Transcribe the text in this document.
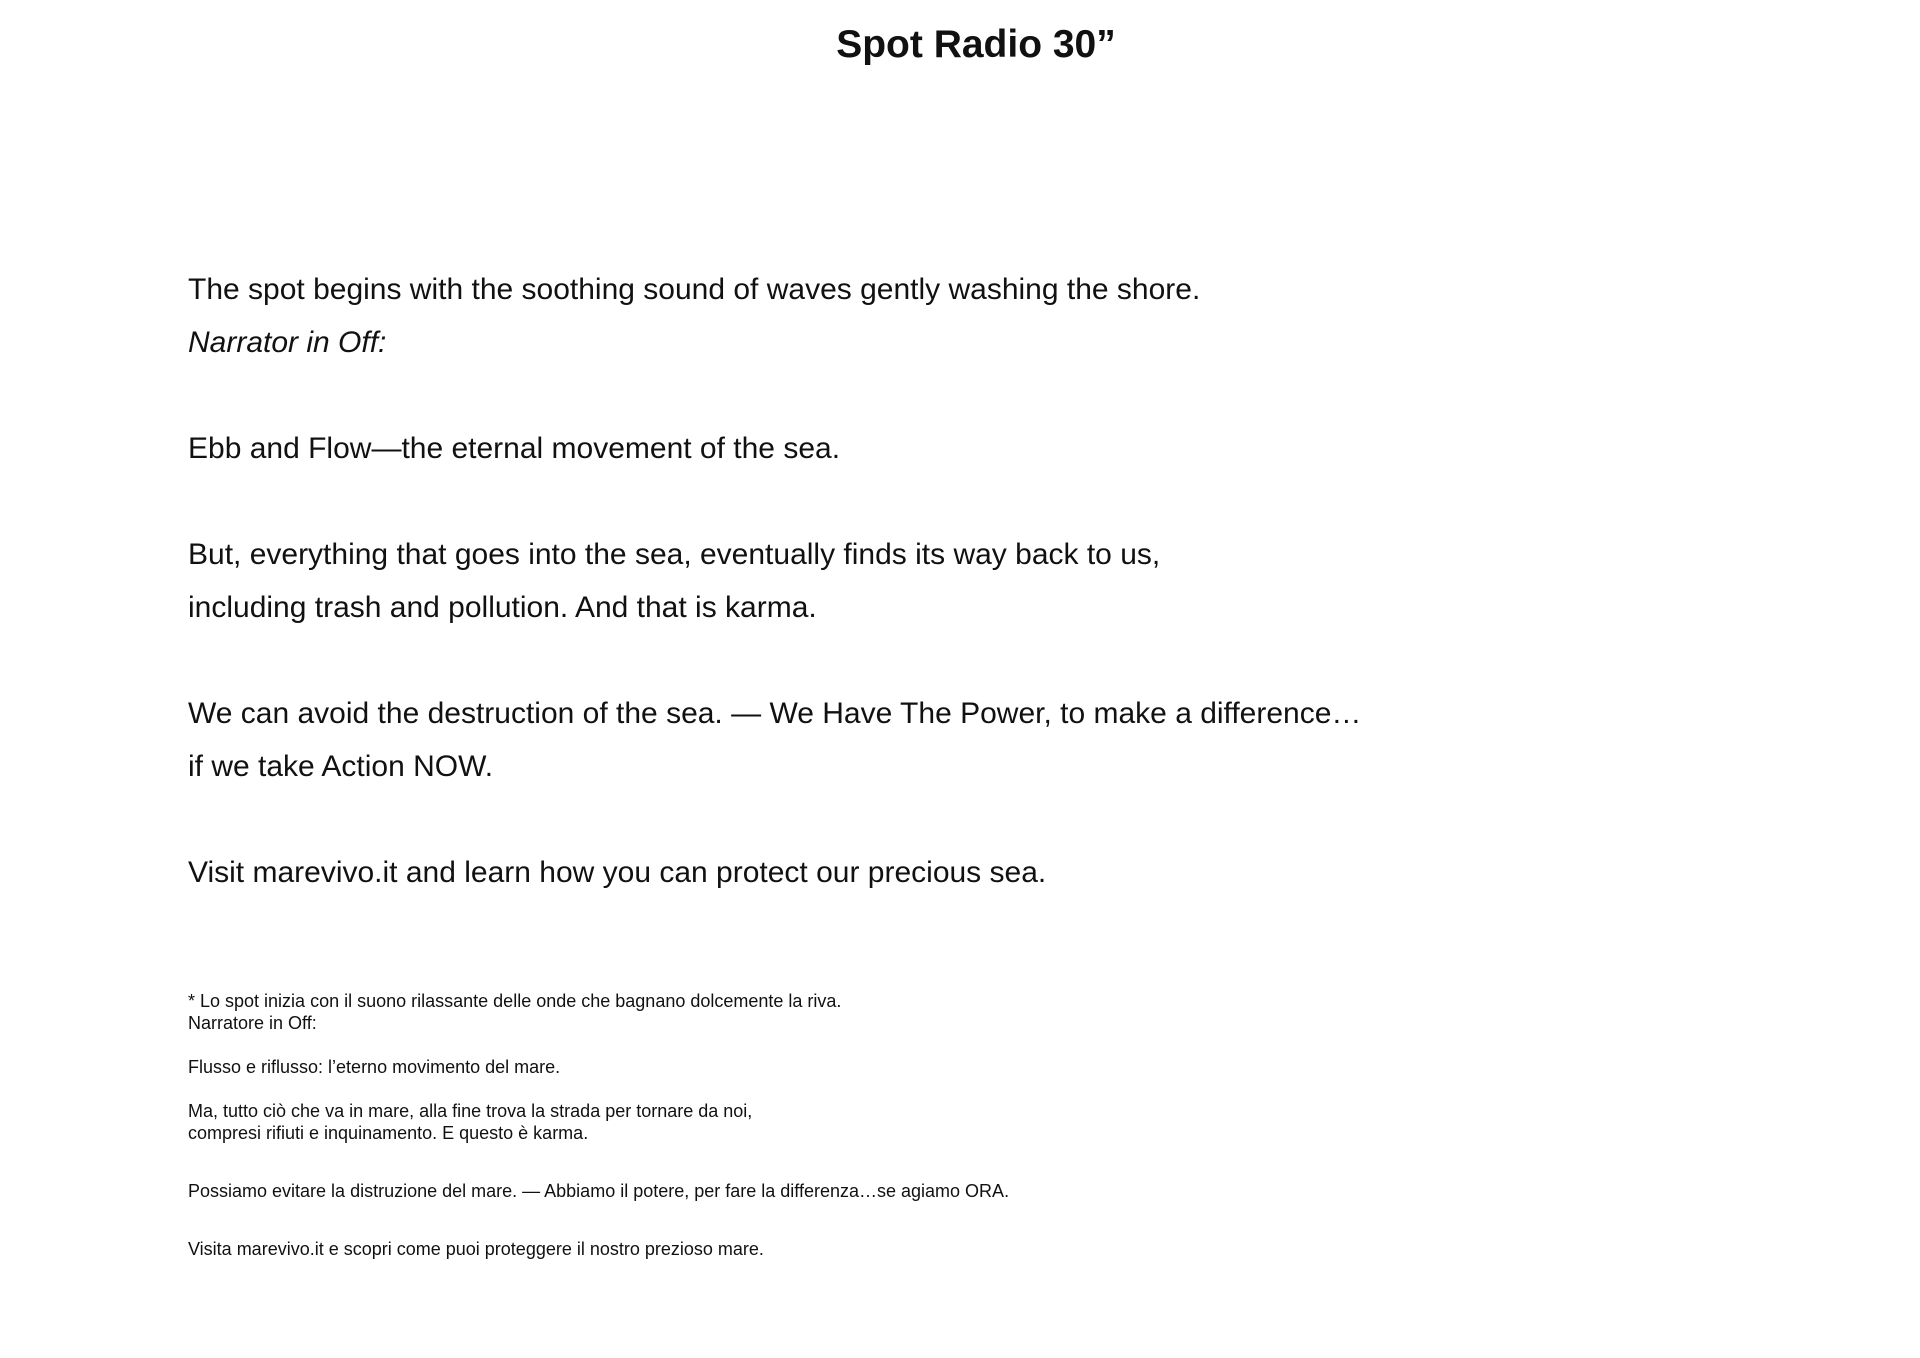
Spot Radio 30”

The spot begins with the soothing sound of waves gently washing the shore.

Narrator in Off:

Ebb and Flow—the eternal movement of the sea.

But, everything that goes into the sea, eventually finds its way back to us,

including trash and pollution. And that is karma.

We can avoid the destruction of the sea. — We Have The Power, to make a difference…

if we take Action NOW.

Visit marevivo.it and learn how you can protect our precious sea.

* Lo spot inizia con il suono rilassante delle onde che bagnano dolcemente la riva.

Narratore in Off:

Flusso e riflusso: l’eterno movimento del mare.

Ma, tutto ciò che va in mare, alla fine trova la strada per tornare da noi,

compresi rifiuti e inquinamento. E questo è karma.

Possiamo evitare la distruzione del mare. — Abbiamo il potere, per fare la differenza…se agiamo ORA.

Visita marevivo.it e scopri come puoi proteggere il nostro prezioso mare.
